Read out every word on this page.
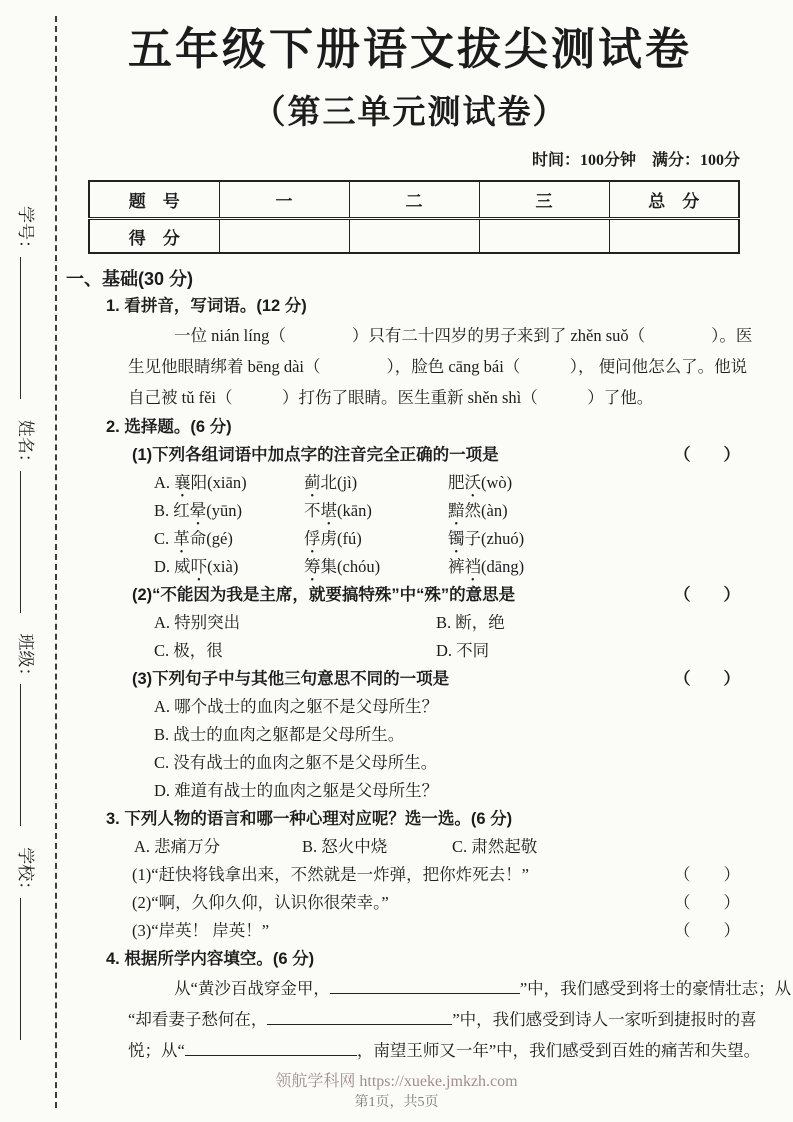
学号： 姓名： 班级： 学校：
五年级下册语文拔尖测试卷
（第三单元测试卷）
时间：100分钟　满分：100分
题　号	一	二	三	总　分
得　分				
一、基础(30 分)
1. 看拼音，写词语。(12 分)
一位 nián líng（　　　　）只有二十四岁的男子来到了 zhěn suǒ（　　　　）。医
生见他眼睛绑着 bēng dài（　　　　），脸色 cāng bái（　　　）， 便问他怎么了。他说
自己被 tǔ fěi（　　　）打伤了眼睛。医生重新 shěn shì（　　　）了他。
2. 选择题。(6 分)
(1)下列各组词语中加点字的注音完全正确的一项是	（　　）
A. 襄阳(xiān)	蓟北(jì)	肥沃(wò)
B. 红晕(yūn)	不堪(kān)	黯然(àn)
C. 革命(gé)	俘虏(fú)	镯子(zhuó)
D. 威吓(xià)	筹集(chóu)	裤裆(dāng)
(2)“不能因为我是主席，就要搞特殊”中“殊”的意思是	（　　）
A. 特别突出	B. 断，绝
C. 极，很	D. 不同
(3)下列句子中与其他三句意思不同的一项是	（　　）
A. 哪个战士的血肉之躯不是父母所生？
B. 战士的血肉之躯都是父母所生。
C. 没有战士的血肉之躯不是父母所生。
D. 难道有战士的血肉之躯是父母所生？
3. 下列人物的语言和哪一种心理对应呢？选一选。(6 分)
A. 悲痛万分	B. 怒火中烧	C. 肃然起敬
(1)“赶快将钱拿出来，不然就是一炸弹，把你炸死去！”	（　　）
(2)“啊，久仰久仰，认识你很荣幸。”	（　　）
(3)“岸英！ 岸英！”	（　　）
4. 根据所学内容填空。(6 分)
从“黄沙百战穿金甲，	”中，我们感受到将士的豪情壮志；从
“却看妻子愁何在，	”中，我们感受到诗人一家听到捷报时的喜
悦；从“	，南望王师又一年”中，我们感受到百姓的痛苦和失望。
领航学科网 https://xueke.jmkzh.com
第1页，共5页
